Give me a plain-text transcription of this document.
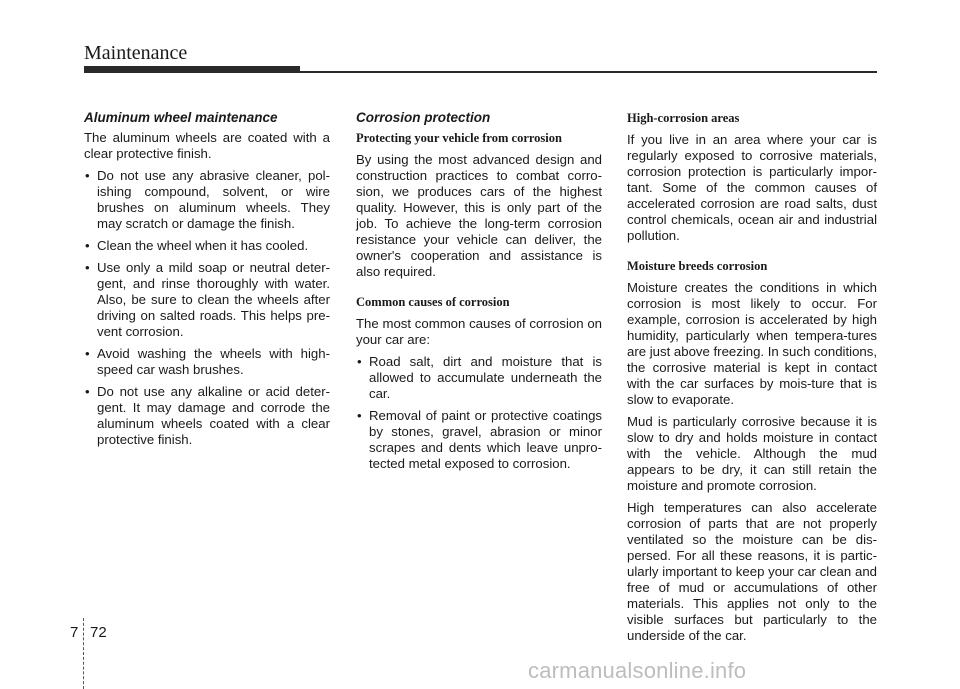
Maintenance
Aluminum wheel maintenance

The aluminum wheels are coated with a clear protective finish.

• Do not use any abrasive cleaner, pol-ishing compound, solvent, or wire brushes on aluminum wheels. They may scratch or damage the finish.
• Clean the wheel when it has cooled.
• Use only a mild soap or neutral deter-gent, and rinse thoroughly with water. Also, be sure to clean the wheels after driving on salted roads. This helps pre-vent corrosion.
• Avoid washing the wheels with high-speed car wash brushes.
• Do not use any alkaline or acid deter-gent. It may damage and corrode the aluminum wheels coated with a clear protective finish.
Corrosion protection
Protecting your vehicle from corrosion

By using the most advanced design and construction practices to combat corro-sion, we produces cars of the highest quality. However, this is only part of the job. To achieve the long-term corrosion resistance your vehicle can deliver, the owner's cooperation and assistance is also required.

Common causes of corrosion

The most common causes of corrosion on your car are:

• Road salt, dirt and moisture that is allowed to accumulate underneath the car.
• Removal of paint or protective coatings by stones, gravel, abrasion or minor scrapes and dents which leave unpro-tected metal exposed to corrosion.
High-corrosion areas

If you live in an area where your car is regularly exposed to corrosive materials, corrosion protection is particularly impor-tant. Some of the common causes of accelerated corrosion are road salts, dust control chemicals, ocean air and industrial pollution.

Moisture breeds corrosion

Moisture creates the conditions in which corrosion is most likely to occur. For example, corrosion is accelerated by high humidity, particularly when tempera-tures are just above freezing. In such conditions, the corrosive material is kept in contact with the car surfaces by mois-ture that is slow to evaporate.

Mud is particularly corrosive because it is slow to dry and holds moisture in contact with the vehicle. Although the mud appears to be dry, it can still retain the moisture and promote corrosion.

High temperatures can also accelerate corrosion of parts that are not properly ventilated so the moisture can be dis-persed. For all these reasons, it is partic-ularly important to keep your car clean and free of mud or accumulations of other materials. This applies not only to the visible surfaces but particularly to the underside of the car.

7 72
carmanualsonline.info
